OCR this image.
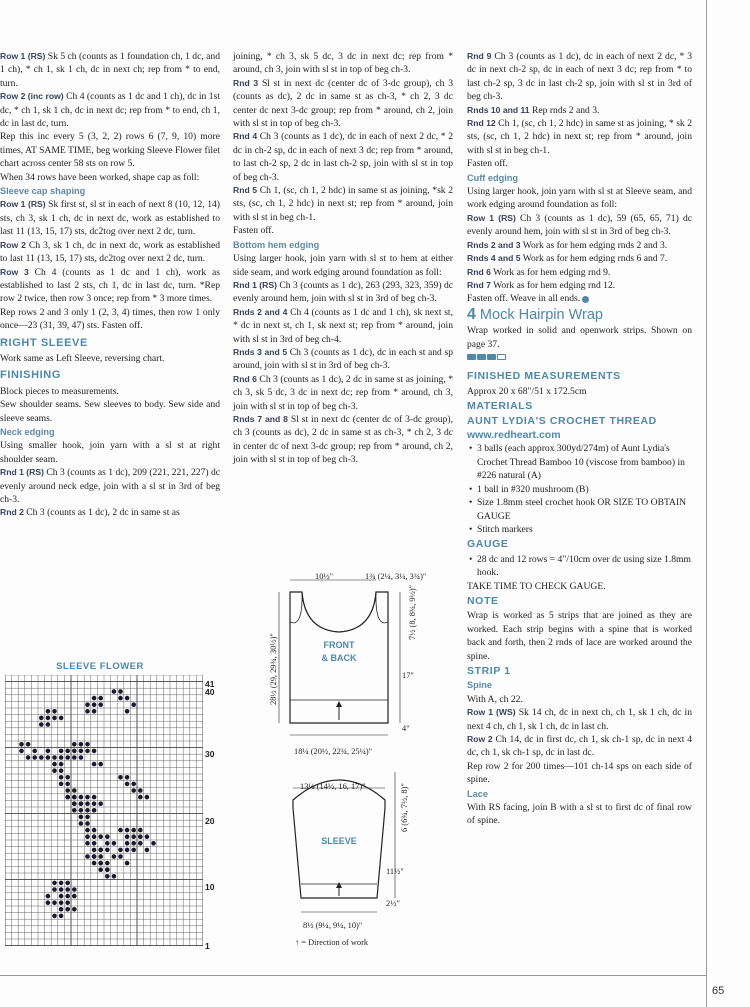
65

Row 1 (RS) Sk 5 ch (counts as 1 foundation ch, 1 dc, and 1 ch), * ch 1, sk 1 ch, dc in next ch; rep from * to end, turn.

Row 2 (inc row) Ch 4 (counts as 1 dc and 1 ch), dc in 1st dc, * ch 1, sk 1 ch, dc in next dc; rep from * to end, ch 1, dc in last dc, turn.

Rep this inc every 5 (3, 2, 2) rows 6 (7, 9, 10) more times, AT SAME TIME, beg working Sleeve Flower filet chart across center 58 sts on row 5.

When 34 rows have been worked, shape cap as foll:

Sleeve cap shaping

Row 1 (RS) Sk first st, sl st in each of next 8 (10, 12, 14) sts, ch 3, sk 1 ch, dc in next dc, work as established to last 11 (13, 15, 17) sts, dc2tog over next 2 dc, turn.

Row 2 Ch 3, sk 1 ch, dc in next dc, work as established to last 11 (13, 15, 17) sts, dc2tog over next 2 dc, turn.

Row 3 Ch 4 (counts as 1 dc and 1 ch), work as established to last 2 sts, ch 1, dc in last dc, turn. *Rep row 2 twice, then row 3 once; rep from * 3 more times.

Rep rows 2 and 3 only 1 (2, 3, 4) times, then row 1 only once—23 (31, 39, 47) sts. Fasten off.

RIGHT SLEEVE

Work same as Left Sleeve, reversing chart.

FINISHING

Block pieces to measurements.

Sew shoulder seams. Sew sleeves to body. Sew side and sleeve seams.

Neck edging

Using smaller hook, join yarn with a sl st at right shoulder seam.

Rnd 1 (RS) Ch 3 (counts as 1 dc), 209 (221, 221, 227) dc evenly around neck edge, join with a sl st in 3rd of beg ch-3.

Rnd 2 Ch 3 (counts as 1 dc), 2 dc in same st as

SLEEVE FLOWER
41
40
30
20
10
1

joining, * ch 3, sk 5 dc, 3 dc in next dc; rep from * around, ch 3, join with sl st in top of beg ch-3.

Rnd 3 Sl st in next dc (center dc of 3-dc group), ch 3 (counts as dc), 2 dc in same st as ch-3, * ch 2, 3 dc center dc next 3-dc group; rep from * around, ch 2, join with sl st in top of beg ch-3.

Rnd 4 Ch 3 (counts as 1 dc), dc in each of next 2 dc, * 2 dc in ch-2 sp, dc in each of next 3 dc; rep from * around, to last ch-2 sp, 2 dc in last ch-2 sp, join with sl st in top of beg ch-3.

Rnd 5 Ch 1, (sc, ch 1, 2 hdc) in same st as joining, *sk 2 sts, (sc, ch 1, 2 hdc) in next st; rep from * around, join with sl st in beg ch-1.

Fasten off.

Bottom hem edging

Using larger hook, join yarn with sl st to hem at either side seam, and work edging around foundation as foll:

Rnd 1 (RS) Ch 3 (counts as 1 dc), 263 (293, 323, 359) dc evenly around hem, join with sl st in 3rd of beg ch-3.

Rnds 2 and 4 Ch 4 (counts as 1 dc and 1 ch), sk next st, * dc in next st, ch 1, sk next st; rep from * around, join with sl st in 3rd of beg ch-4.

Rnds 3 and 5 Ch 3 (counts as 1 dc), dc in each st and sp around, join with sl st in 3rd of beg ch-3.

Rnd 6 Ch 3 (counts as 1 dc), 2 dc in same st as joining, * ch 3, sk 5 dc, 3 dc in next dc; rep from * around, ch 3, join with sl st in top of beg ch-3.

Rnds 7 and 8 Sl st in next dc (center dc of 3-dc group), ch 3 (counts as dc), 2 dc in same st as ch-3, * ch 2, 3 dc in center dc of next 3-dc group; rep from * around, ch 2, join with sl st in top of beg ch-3.

FRONT
& BACK
SLEEVE
10½"	1¾ (2¼, 3¼, 3¾)"
7½ (8, 8¾, 9½)"
17"
4"
28½ (29, 29¾, 30½)"
18¼ (20½, 22¾, 25¼)"
13½ (14½, 16, 17)"	6 (6¾, 7½, 8)"
11½"
2½"
8½ (9¼, 9¼, 10)"
↑ = Direction of work

Rnd 9 Ch 3 (counts as 1 dc), dc in each of next 2 dc, * 3 dc in next ch-2 sp, dc in each of next 3 dc; rep from * to last ch-2 sp, 3 dc in last ch-2 sp, join with sl st in 3rd of beg ch-3.

Rnds 10 and 11 Rep rnds 2 and 3.

Rnd 12 Ch 1, (sc, ch 1, 2 hdc) in same st as joining, * sk 2 sts, (sc, ch 1, 2 hdc) in next st; rep from * around, join with sl st in beg ch-1.

Fasten off.

Cuff edging

Using larger hook, join yarn with sl st at Sleeve seam, and work edging around foundation as foll:

Row 1 (RS) Ch 3 (counts as 1 dc), 59 (65, 65, 71) dc evenly around hem, join with sl st in 3rd of beg ch-3.

Rnds 2 and 3 Work as for hem edging rnds 2 and 3.

Rnds 4 and 5 Work as for hem edging rnds 6 and 7.

Rnd 6 Work as for hem edging rnd 9.

Rnd 7 Work as for hem edging rnd 12.

Fasten off. Weave in all ends.

4 Mock Hairpin Wrap

Wrap worked in solid and openwork strips. Shown on page 37.

FINISHED MEASUREMENTS

Approx 20 x 68"/51 x 172.5cm

MATERIALS
AUNT LYDIA'S CROCHET THREAD
www.redheart.com
• 3 balls (each approx 300yd/274m) of Aunt Lydia's Crochet Thread Bamboo 10 (viscose from bamboo) in #226 natural (A)
• 1 ball in #320 mushroom (B)
• Size 1.8mm steel crochet hook OR SIZE TO OBTAIN GAUGE
• Stitch markers
GAUGE
• 28 dc and 12 rows = 4"/10cm over dc using size 1.8mm hook.

TAKE TIME TO CHECK GAUGE.

NOTE

Wrap is worked as 5 strips that are joined as they are worked. Each strip begins with a spine that is worked back and forth, then 2 rnds of lace are worked around the spine.

STRIP 1
Spine

With A, ch 22.

Row 1 (WS) Sk 14 ch, dc in next ch, ch 1, sk 1 ch, dc in next 4 ch, ch 1, sk 1 ch, dc in last ch.

Row 2 Ch 14, dc in first dc, ch 1, sk ch-1 sp, dc in next 4 dc, ch 1, sk ch-1 sp, dc in last dc.

Rep row 2 for 200 times—101 ch-14 sps on each side of spine.

Lace

With RS facing, join B with a sl st to first dc of final row of spine.
